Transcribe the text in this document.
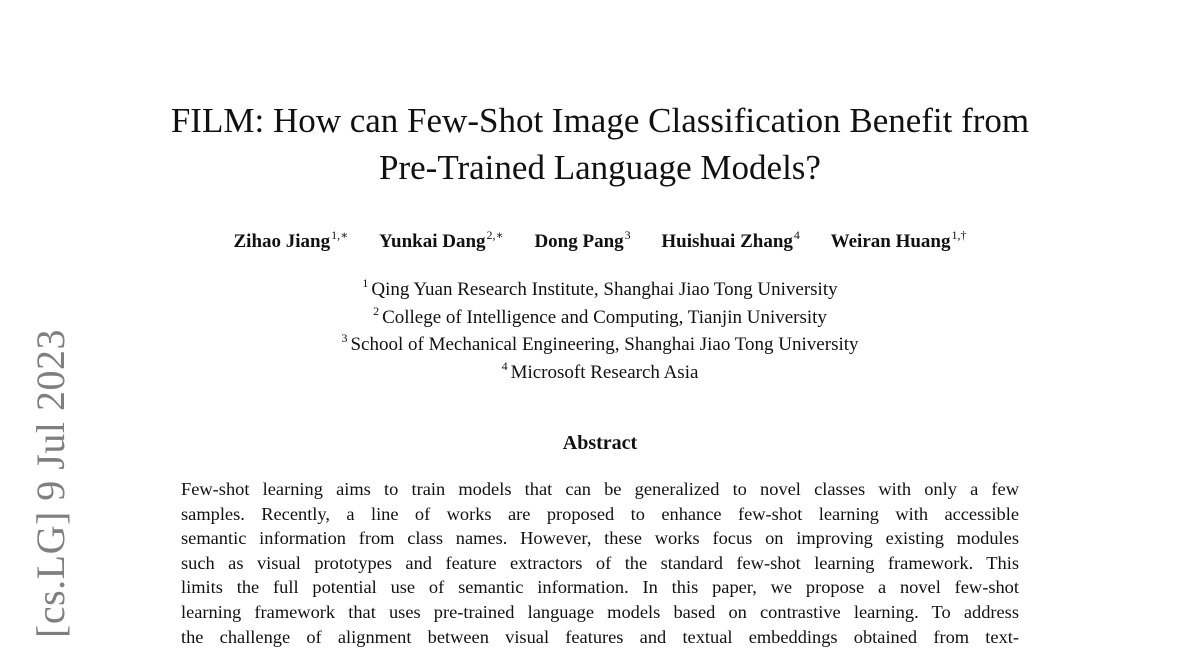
[cs.LG] 9 Jul 2023
FILM: How can Few-Shot Image Classification Benefit from
Pre-Trained Language Models?
Zihao Jiang$^{1,∗}$ Yunkai Dang$^{2,∗}$ Dong Pang$^3$ Huishuai Zhang$^4$ Weiran Huang$^{1,\dagger}$
$^1$ Qing Yuan Research Institute, Shanghai Jiao Tong University
$^2$ College of Intelligence and Computing, Tianjin University
$^3$ School of Mechanical Engineering, Shanghai Jiao Tong University
$^4$ Microsoft Research Asia
Abstract
Few-shot learning aims to train models that can be generalized to novel classes with only a few
samples. Recently, a line of works are proposed to enhance few-shot learning with accessible
semantic information from class names. However, these works focus on improving existing modules
such as visual prototypes and feature extractors of the standard few-shot learning framework. This
limits the full potential use of semantic information. In this paper, we propose a novel few-shot
learning framework that uses pre-trained language models based on contrastive learning. To address
the challenge of alignment between visual features and textual embeddings obtained from text-
